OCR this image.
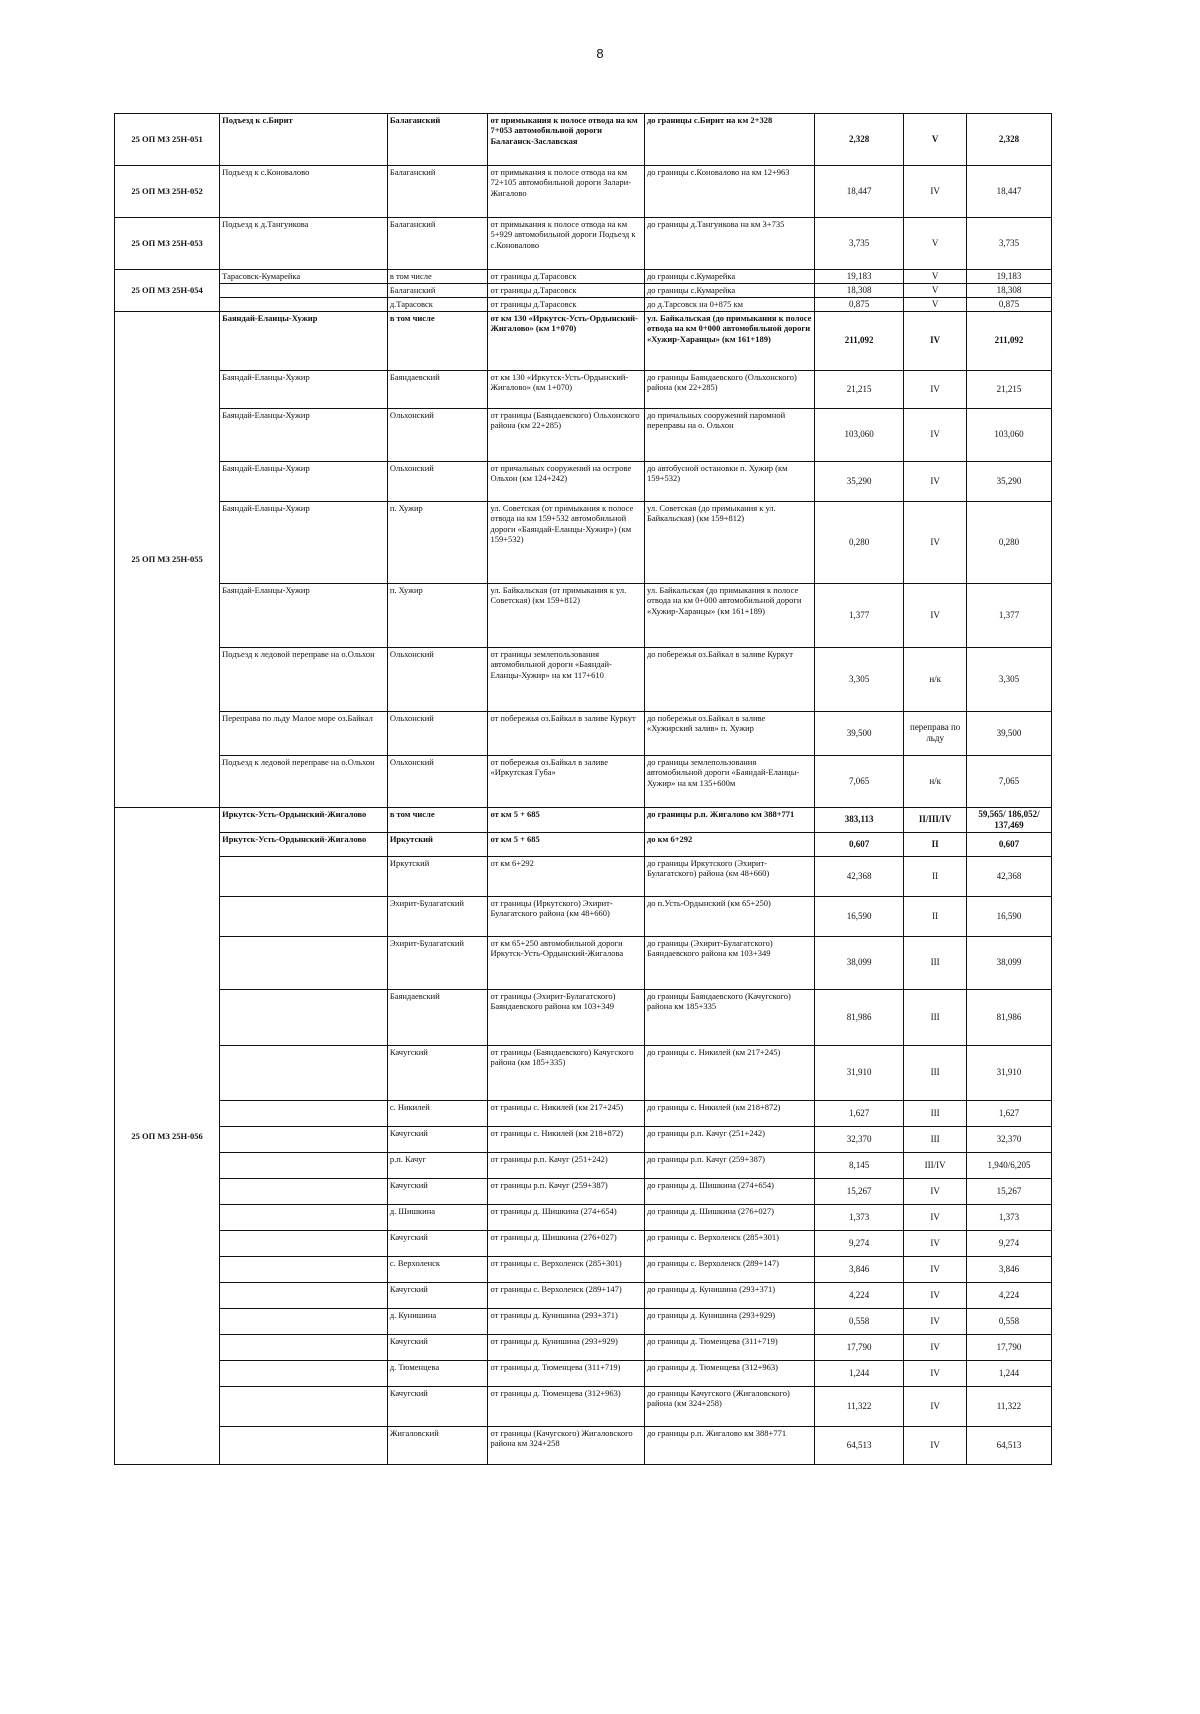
8
25 ОП МЗ 25Н-051	Подъезд к с.Бирит	Балаганский	от примыкания к полосе отвода на км 7+053 автомобильной дороги Балаганск-Заславская	до границы с.Бирит на км 2+328	2,328	V	2,328
25 ОП МЗ 25Н-052	Подъезд к с.Коновалово	Балаганский	от примыкания к полосе отвода на км 72+105 автомобильной дороги Залари-Жигалово	до границы с.Коновалово на км 12+963	18,447	IV	18,447
25 ОП МЗ 25Н-053	Подъезд к д.Тангуикова	Балаганский	от примыкания к полосе отвода на км 5+929 автомобильной дороги Подъезд к с.Коновалово	до границы д.Тангуикова на км 3+735	3,735	V	3,735
25 ОП МЗ 25Н-054	Тарасовск-Кумарейка	в том числе	от границы д.Тарасовск	до границы с.Кумарейка	19,183	V	19,183
		Балаганский	от границы д.Тарасовск	до границы с.Кумарейка	18,308	V	18,308
		д.Тарасовск	от границы д.Тарасовск	до д.Тарсовск на 0+875 км	0,875	V	0,875
25 ОП МЗ 25Н-055	Баяндай-Еланцы-Хужир	в том числе	от км 130 «Иркутск-Усть-Ордынский-Жигалово» (км 1+070)	ул. Байкальская (до примыкания к полосе отвода на км 0+000 автомобильной дороги «Хужир-Харанцы» (км 161+189)	211,092	IV	211,092
	Баяндай-Еланцы-Хужир	Баяндаевский	от км 130 «Иркутск-Усть-Ордынский-Жигалово» (км 1+070)	до границы Баяндаевского (Ольхонского) района (км 22+285)	21,215	IV	21,215
	Баяндай-Еланцы-Хужир	Ольхонский	от границы (Баяндаевского) Ольхонского района (км 22+285)	до причальных сооружений паромной переправы на о. Ольхон	103,060	IV	103,060
	Баяндай-Еланцы-Хужир	Ольхонский	от причальных сооружений на острове Ольхон (км 124+242)	до автобусной остановки п. Хужир (км 159+532)	35,290	IV	35,290
	Баяндай-Еланцы-Хужир	п. Хужир	ул. Советская (от примыкания к полосе отвода на км 159+532 автомобильной дороги «Баяндай-Еланцы-Хужир») (км 159+532)	ул. Советская (до примыкания к ул. Байкальская) (км 159+812)	0,280	IV	0,280
	Баяндай-Еланцы-Хужир	п. Хужир	ул. Байкальская (от примыкания к ул. Советская) (км 159+812)	ул. Байкальская (до примыкания к полосе отвода на км 0+000 автомобильной дороги «Хужир-Харанцы» (км 161+189)	1,377	IV	1,377
	Подъезд к ледовой переправе на о.Ольхон	Ольхонский	от границы землепользования автомобильной дороги «Баяндай-Еланцы-Хужир» на км 117+610	до побережья оз.Байкал в заливе Куркут	3,305	н/к	3,305
	Переправа по льду Малое море оз.Байкал	Ольхонский	от побережья оз.Байкал в заливе Куркут	до побережья оз.Байкал в заливе «Хужирский залив» п. Хужир	39,500	переправа по льду	39,500
	Подъезд к ледовой переправе на о.Ольхон	Ольхонский	от побережья оз.Байкал в заливе «Иркутская Губа»	до границы землепользования автомобильной дороги «Баяндай-Еланцы-Хужир» на км 135+600м	7,065	н/к	7,065
25 ОП МЗ 25Н-056	Иркутск-Усть-Ордынский-Жигалово	в том числе	от км 5 + 685	до границы р.п. Жигалово км 388+771	383,113	II/III/IV	59,565/ 186,052/ 137,469
	Иркутск-Усть-Ордынский-Жигалово	Иркутский	от км 5 + 685	до км 6+292	0,607	II	0,607
		Иркутский	от км 6+292	до границы Иркутского (Эхирит-Булагатского) района (км 48+660)	42,368	II	42,368
		Эхирит-Булагатский	от границы (Иркутского) Эхирит-Булагатского района (км 48+660)	до п.Усть-Ордынский (км 65+250)	16,590	II	16,590
		Эхирит-Булагатский	от км 65+250 автомобильной дороги Иркутск-Усть-Ордынский-Жигалова	до границы (Эхирит-Булагатского) Баяндаевского района км 103+349	38,099	III	38,099
		Баяндаевский	от границы (Эхирит-Булагатского) Баяндаевского района км 103+349	до границы Баяндаевского (Качугского) района км 185+335	81,986	III	81,986
		Качугский	от границы (Баяндаевского) Качугского района (км 185+335)	до границы с. Никилей (км 217+245)	31,910	III	31,910
		с. Никилей	от границы с. Никилей (км 217+245)	до границы с. Никилей (км 218+872)	1,627	III	1,627
		Качугский	от границы с. Никилей (км 218+872)	до границы р.п. Качуг (251+242)	32,370	III	32,370
		р.п. Качуг	от границы р.п. Качуг (251+242)	до границы р.п. Качуг (259+387)	8,145	III/IV	1,940/6,205
		Качугский	от границы р.п. Качуг (259+387)	до границы д. Шишкина (274+654)	15,267	IV	15,267
		д. Шишкина	от границы д. Шишкина (274+654)	до границы д. Шишкина (276+027)	1,373	IV	1,373
		Качугский	от границы д. Шишкина (276+027)	до границы с. Верхоленск (285+301)	9,274	IV	9,274
		с. Верхоленск	от границы с. Верхоленск (285+301)	до границы с. Верхоленск (289+147)	3,846	IV	3,846
		Качугский	от границы с. Верхоленск (289+147)	до границы д. Кунишина (293+371)	4,224	IV	4,224
		д. Кунишина	от границы д. Кунишина (293+371)	до границы д. Кунишина (293+929)	0,558	IV	0,558
		Качугский	от границы д. Кунишина (293+929)	до границы д. Тюменцева (311+719)	17,790	IV	17,790
		д. Тюменцева	от границы д. Тюменцева (311+719)	до границы д. Тюменцева (312+963)	1,244	IV	1,244
		Качугский	от границы д. Тюменцева (312+963)	до границы Качугского (Жигаловского) района (км 324+258)	11,322	IV	11,322
		Жигаловский	от границы (Качугского) Жигаловского района км 324+258	до границы р.п. Жигалово км 388+771	64,513	IV	64,513
